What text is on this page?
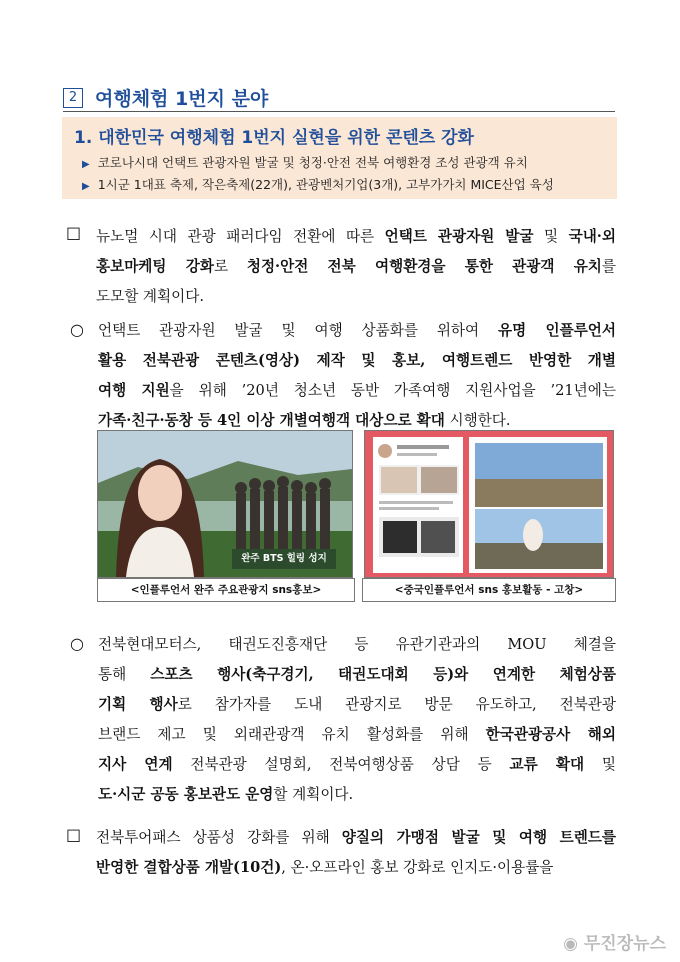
2 여행체험 1번지 분야
1. 대한민국 여행체험 1번지 실현을 위한 콘텐츠 강화
▶ 코로나시대 언택트 관광자원 발굴 및 청정·안전 전북 여행환경 조성 관광객 유치
▶ 1시군 1대표 축제, 작은축제(22개), 관광벤처기업(3개), 고부가가치 MICE산업 육성
□ 뉴노멀 시대 관광 패러다임 전환에 따른 언택트 관광자원 발굴 및 국내·외
홍보마케팅 강화로 청정·안전 전북 여행환경을 통한 관광객 유치를
도모할 계획이다.
○ 언택트 관광자원 발굴 및 여행 상품화를 위하여 유명 인플루언서
활용 전북관광 콘텐츠(영상) 제작 및 홍보, 여행트렌드 반영한 개별
여행 지원을 위해 ’20년 청소년 동반 가족여행 지원사업을 ’21년에는
가족·친구·동창 등 4인 이상 개별여행객 대상으로 확대 시행한다.
완주 BTS 힐링 성지
<인플루언서 완주 주요관광지 sns홍보>	<중국인플루언서 sns 홍보활동 - 고창>
○ 전북현대모터스, 태권도진흥재단 등 유관기관과의 MOU 체결을
통해 스포츠 행사(축구경기, 태권도대회 등)와 연계한 체험상품
기획 행사로 참가자를 도내 관광지로 방문 유도하고, 전북관광
브랜드 제고 및 외래관광객 유치 활성화를 위해 한국관광공사 해외
지사 연계 전북관광 설명회, 전북여행상품 상담 등 교류 확대 및
도·시군 공동 홍보관도 운영할 계획이다.
□ 전북투어패스 상품성 강화를 위해 양질의 가맹점 발굴 및 여행 트렌드를
반영한 결합상품 개발(10건), 온·오프라인 홍보 강화로 인지도·이용률을
◉ 무진장뉴스
